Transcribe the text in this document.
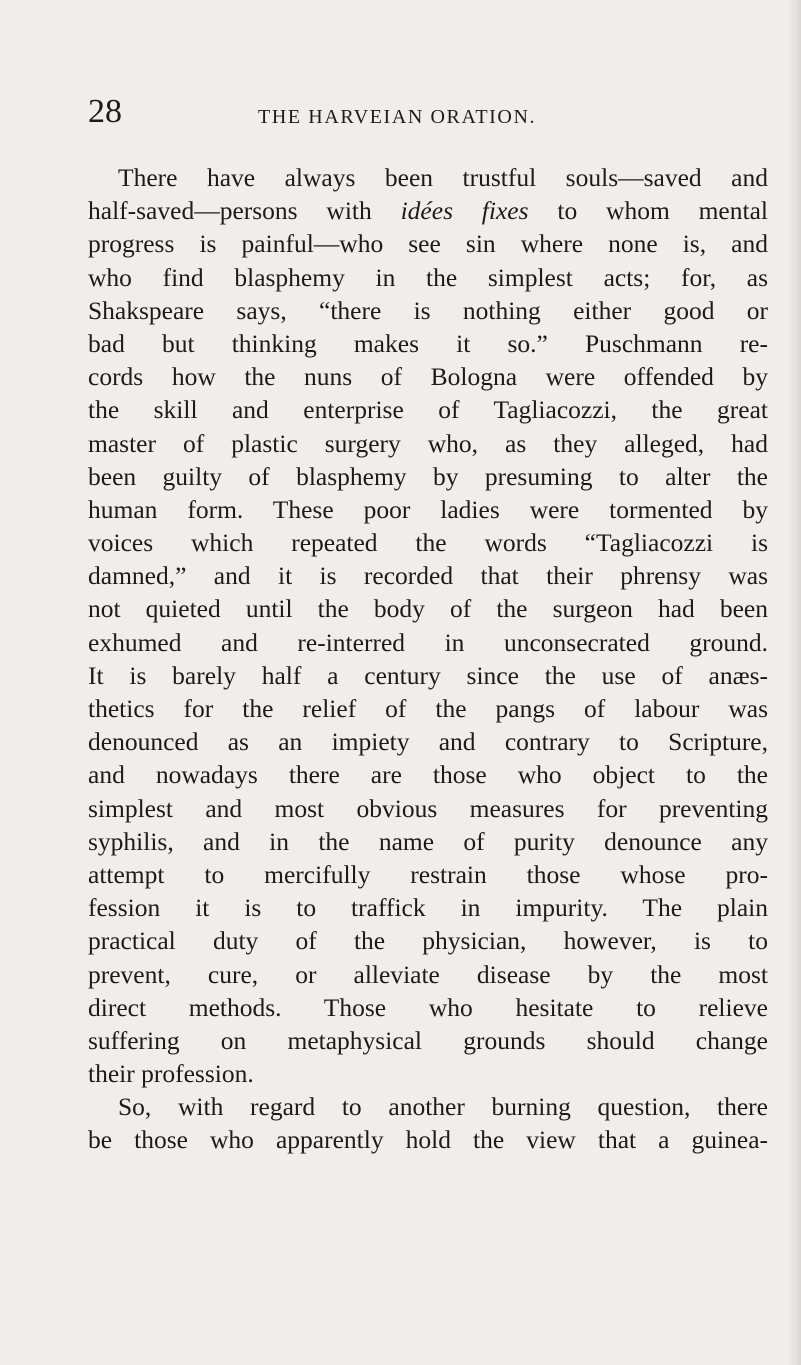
28	THE HARVEIAN ORATION.
There have always been trustful souls—saved and
half-saved—persons with idées fixes to whom mental
progress is painful—who see sin where none is, and
who find blasphemy in the simplest acts; for, as
Shakspeare says, “there is nothing either good or
bad but thinking makes it so.” Puschmann re-
cords how the nuns of Bologna were offended by
the skill and enterprise of Tagliacozzi, the great
master of plastic surgery who, as they alleged, had
been guilty of blasphemy by presuming to alter the
human form. These poor ladies were tormented by
voices which repeated the words “Tagliacozzi is
damned,” and it is recorded that their phrensy was
not quieted until the body of the surgeon had been
exhumed and re-interred in unconsecrated ground.
It is barely half a century since the use of anæs-
thetics for the relief of the pangs of labour was
denounced as an impiety and contrary to Scripture,
and nowadays there are those who object to the
simplest and most obvious measures for preventing
syphilis, and in the name of purity denounce any
attempt to mercifully restrain those whose pro-
fession it is to traffick in impurity. The plain
practical duty of the physician, however, is to
prevent, cure, or alleviate disease by the most
direct methods. Those who hesitate to relieve
suffering on metaphysical grounds should change
their profession.
So, with regard to another burning question, there
be those who apparently hold the view that a guinea-
